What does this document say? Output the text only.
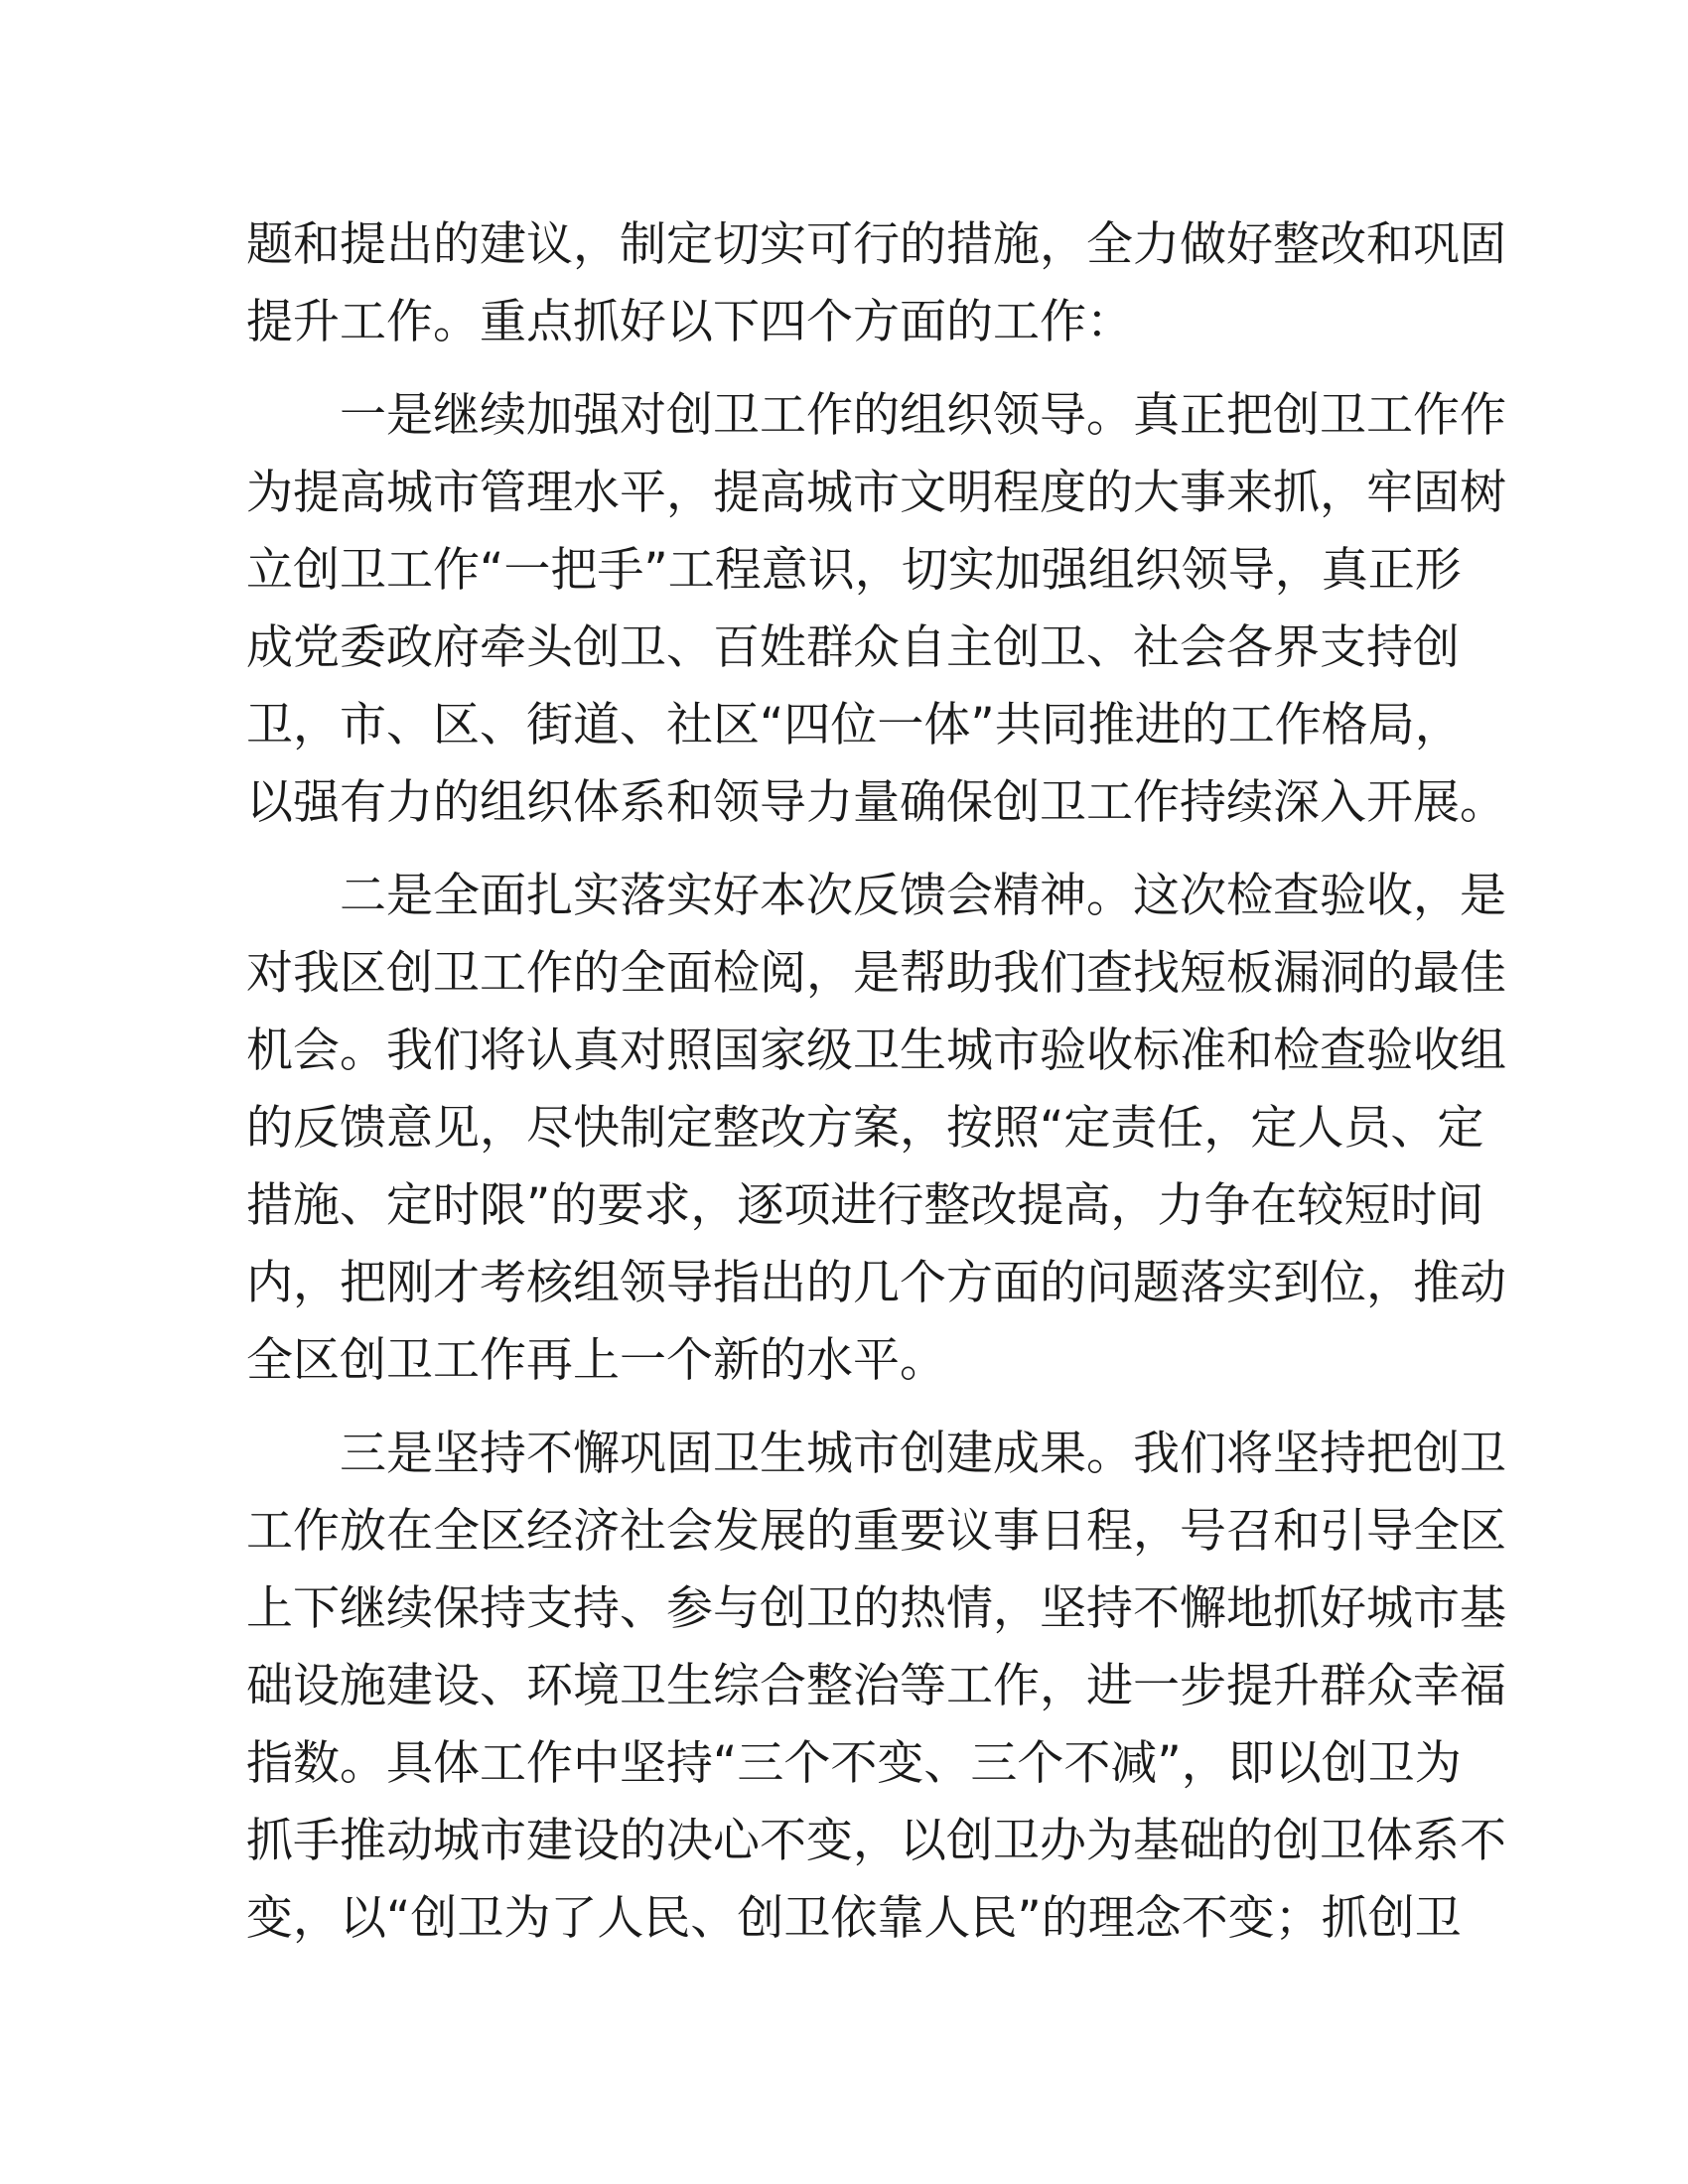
题和提出的建议，制定切实可行的措施，全力做好整改和巩固
提升工作。重点抓好以下四个方面的工作：
一是继续加强对创卫工作的组织领导。真正把创卫工作作
为提高城市管理水平，提高城市文明程度的大事来抓，牢固树
立创卫工作“一把手”工程意识，切实加强组织领导，真正形
成党委政府牵头创卫、百姓群众自主创卫、社会各界支持创
卫，市、区、街道、社区“四位一体”共同推进的工作格局，
以强有力的组织体系和领导力量确保创卫工作持续深入开展。
二是全面扎实落实好本次反馈会精神。这次检查验收，是
对我区创卫工作的全面检阅，是帮助我们查找短板漏洞的最佳
机会。我们将认真对照国家级卫生城市验收标准和检查验收组
的反馈意见，尽快制定整改方案，按照“定责任，定人员、定
措施、定时限”的要求，逐项进行整改提高，力争在较短时间
内，把刚才考核组领导指出的几个方面的问题落实到位，推动
全区创卫工作再上一个新的水平。
三是坚持不懈巩固卫生城市创建成果。我们将坚持把创卫
工作放在全区经济社会发展的重要议事日程，号召和引导全区
上下继续保持支持、参与创卫的热情，坚持不懈地抓好城市基
础设施建设、环境卫生综合整治等工作，进一步提升群众幸福
指数。具体工作中坚持“三个不变、三个不减”，即以创卫为
抓手推动城市建设的决心不变，以创卫办为基础的创卫体系不
变，以“创卫为了人民、创卫依靠人民”的理念不变；抓创卫
